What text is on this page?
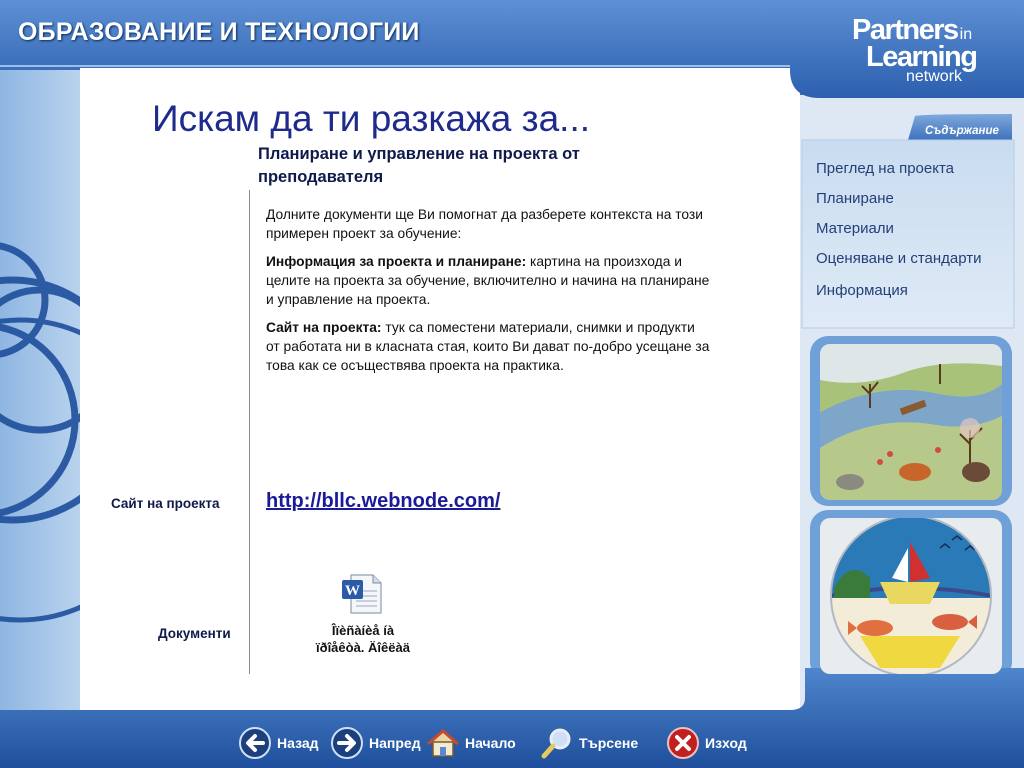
ОБРАЗОВАНИЕ И ТЕХНОЛОГИИ	Partners in
Learning
network
Искам да ти разкажа за...
Планиране и управление на проекта от преподавателя

Долните документи ще Ви помогнат да разберете контекста на този примерен проект за обучение:

Информация за проекта и планиране: картина на произхода и целите на проекта за обучение, включително и начина на планиране и управление на проекта.

Сайт на проекта: тук са поместени материали, снимки и продукти от работата ни в класната стая, които Ви дават по-добро усещане за това как се осъществява проекта на практика.

Сайт на проекта http://bllc.webnode.com/
Документи
W
Îïèñàíèå íà
ïðîåêòà. Äîêëàä
Съдържание
Преглед на проекта
Планиране
Материали
Оценяване и стандарти
Информация
Назад	Напред	Начало	Търсене	Изход
